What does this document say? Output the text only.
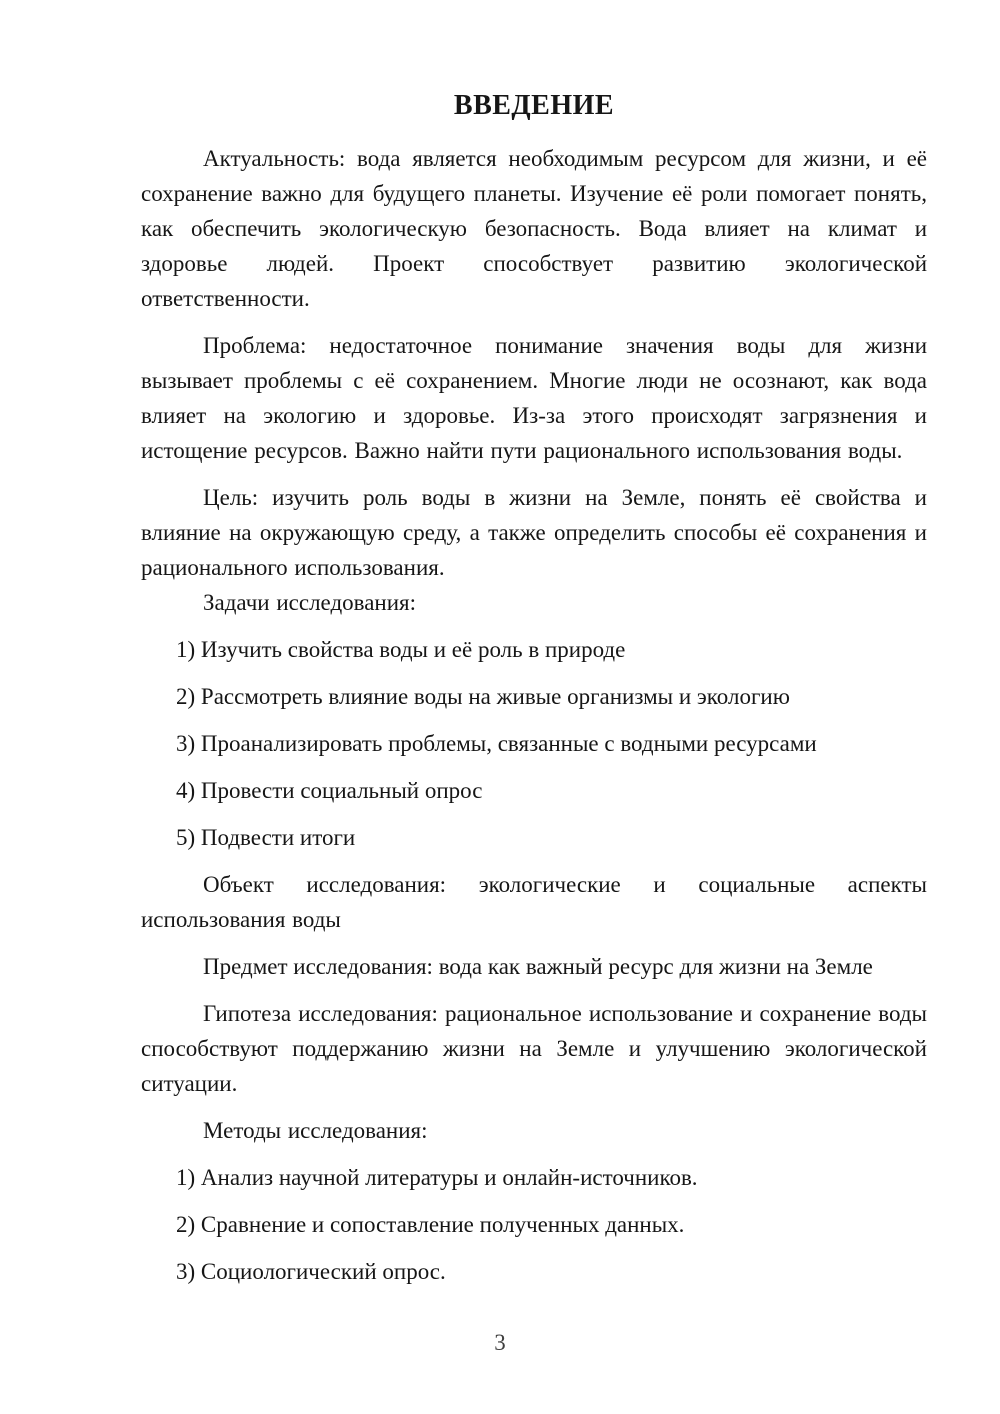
ВВЕДЕНИЕ

Актуальность: вода является необходимым ресурсом для жизни, и её сохранение важно для будущего планеты. Изучение её роли помогает понять, как обеспечить экологическую безопасность. Вода влияет на климат и здоровье людей. Проект способствует развитию экологической ответственности.

Проблема: недостаточное понимание значения воды для жизни вызывает проблемы с её сохранением. Многие люди не осознают, как вода влияет на экологию и здоровье. Из-за этого происходят загрязнения и истощение ресурсов. Важно найти пути рационального использования воды.

Цель: изучить роль воды в жизни на Земле, понять её свойства и влияние на окружающую среду, а также определить способы её сохранения и рационального использования.

Задачи исследования:

1) Изучить свойства воды и её роль в природе

2) Рассмотреть влияние воды на живые организмы и экологию

3) Проанализировать проблемы, связанные с водными ресурсами

4) Провести социальный опрос

5) Подвести итоги

Объект исследования: экологические и социальные аспекты использования воды

Предмет исследования: вода как важный ресурс для жизни на Земле

Гипотеза исследования: рациональное использование и сохранение воды способствуют поддержанию жизни на Земле и улучшению экологической ситуации.

Методы исследования:

1) Анализ научной литературы и онлайн-источников.

2) Сравнение и сопоставление полученных данных.

3) Социологический опрос.

3
